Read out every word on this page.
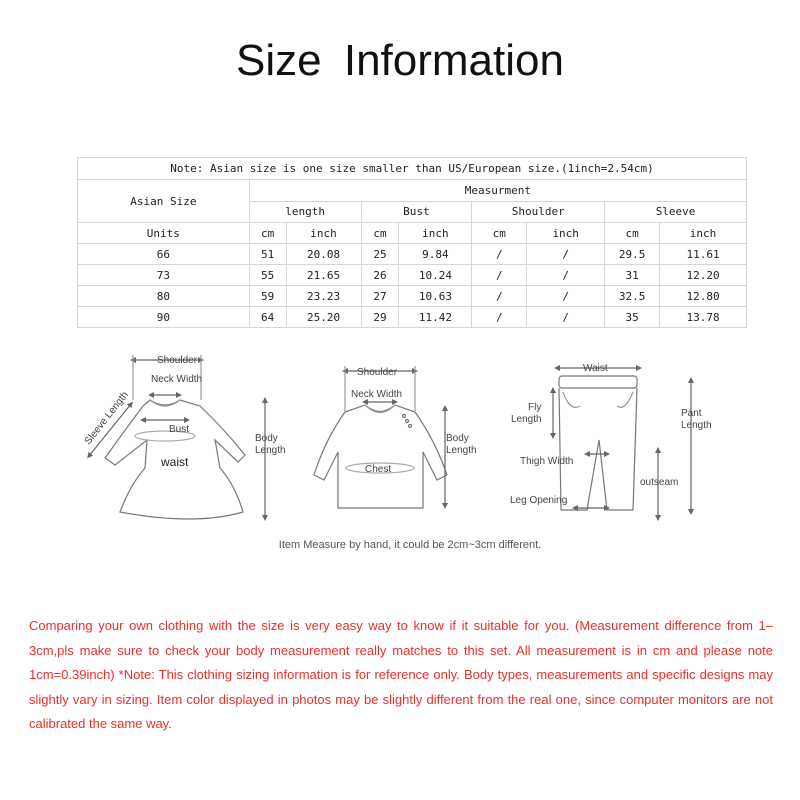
Size Information
Note: Asian size is one size smaller than US/European size.(1inch=2.54cm)								
Asian Size	Measurment							
	length		Bust		Shoulder		Sleeve	
Units	cm	inch	cm	inch	cm	inch	cm	inch
66	51	20.08	25	9.84	/	/	29.5	11.61
73	55	21.65	26	10.24	/	/	31	12.20
80	59	23.23	27	10.63	/	/	32.5	12.80
90	64	25.20	29	11.42	/	/	35	13.78
Shoulder
Neck Width
Sleeve Length	Bust
waist
Body
Length
Shoulder
Neck Width
Chest
Body
Length
Waist
Fly
Length
Pant
Length
Thigh Width
outseam
Leg Opening
Item Measure by hand, it could be 2cm~3cm different.
Comparing your own clothing with the size is very easy way to know if it suitable for you. (Measurement difference from 1– 3cm,pls make sure to check your body measurement really matches to this set. All measurement is in cm and please note 1cm=0.39inch) *Note: This clothing sizing information is for reference only. Body types, measurements and specific designs may slightly vary in sizing. Item color displayed in photos may be slightly different from the real one, since computer monitors are not calibrated the same way.
